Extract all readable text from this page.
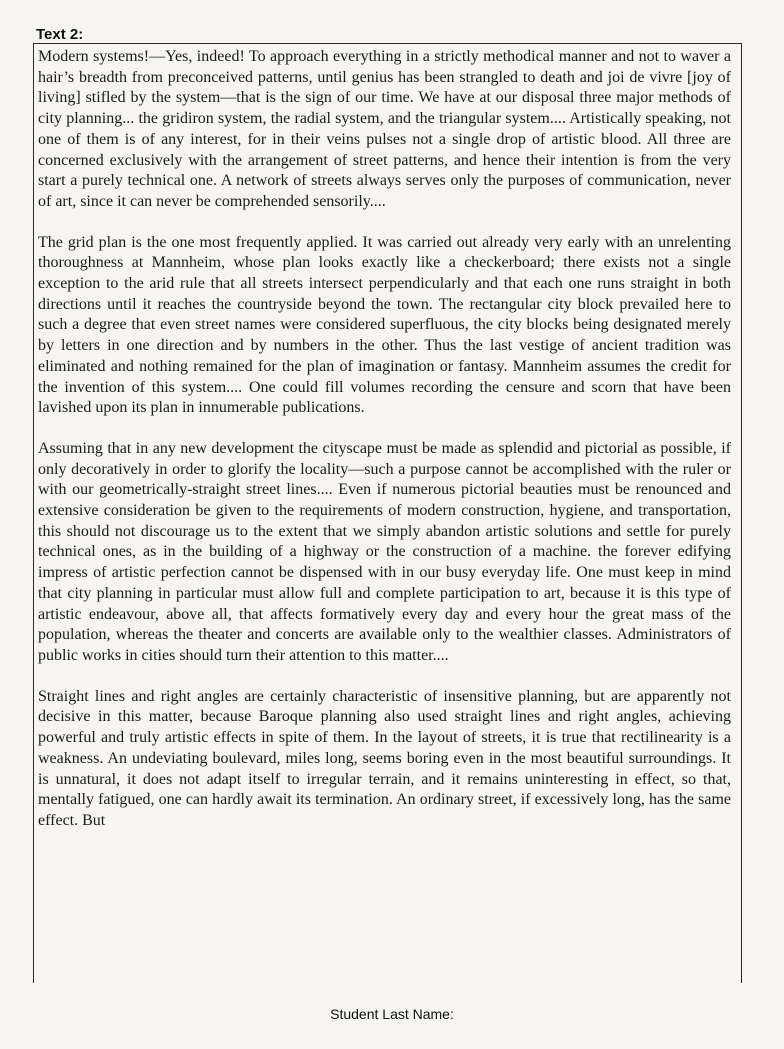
Text 2:

Modern systems!—Yes, indeed! To approach everything in a strictly methodical manner and not to waver a hair’s breadth from preconceived patterns, until genius has been strangled to death and joi de vivre [joy of living] stifled by the system—that is the sign of our time. We have at our disposal three major methods of city planning... the gridiron system, the radial system, and the triangular system.... Artistically speaking, not one of them is of any interest, for in their veins pulses not a single drop of artistic blood. All three are concerned exclusively with the arrangement of street patterns, and hence their intention is from the very start a purely technical one. A network of streets always serves only the purposes of communication, never of art, since it can never be comprehended sensorily....

The grid plan is the one most frequently applied. It was carried out already very early with an unrelenting thoroughness at Mannheim, whose plan looks exactly like a checkerboard; there exists not a single exception to the arid rule that all streets intersect perpendicularly and that each one runs straight in both directions until it reaches the countryside beyond the town. The rectangular city block prevailed here to such a degree that even street names were considered superfluous, the city blocks being designated merely by letters in one direction and by numbers in the other. Thus the last vestige of ancient tradition was eliminated and nothing remained for the plan of imagination or fantasy. Mannheim assumes the credit for the invention of this system.... One could fill volumes recording the censure and scorn that have been lavished upon its plan in innumerable publications.

Assuming that in any new development the cityscape must be made as splendid and pictorial as possible, if only decoratively in order to glorify the locality—such a purpose cannot be accomplished with the ruler or with our geometrically-straight street lines.... Even if numerous pictorial beauties must be renounced and extensive consideration be given to the requirements of modern construction, hygiene, and transportation, this should not discourage us to the extent that we simply abandon artistic solutions and settle for purely technical ones, as in the building of a highway or the construction of a machine. the forever edifying impress of artistic perfection cannot be dispensed with in our busy everyday life. One must keep in mind that city planning in particular must allow full and complete participation to art, because it is this type of artistic endeavour, above all, that affects formatively every day and every hour the great mass of the population, whereas the theater and concerts are available only to the wealthier classes. Administrators of public works in cities should turn their attention to this matter....

Straight lines and right angles are certainly characteristic of insensitive planning, but are apparently not decisive in this matter, because Baroque planning also used straight lines and right angles, achieving powerful and truly artistic effects in spite of them. In the layout of streets, it is true that rectilinearity is a weakness. An undeviating boulevard, miles long, seems boring even in the most beautiful surroundings. It is unnatural, it does not adapt itself to irregular terrain, and it remains uninteresting in effect, so that, mentally fatigued, one can hardly await its termination. An ordinary street, if excessively long, has the same effect. But

Student Last Name:
